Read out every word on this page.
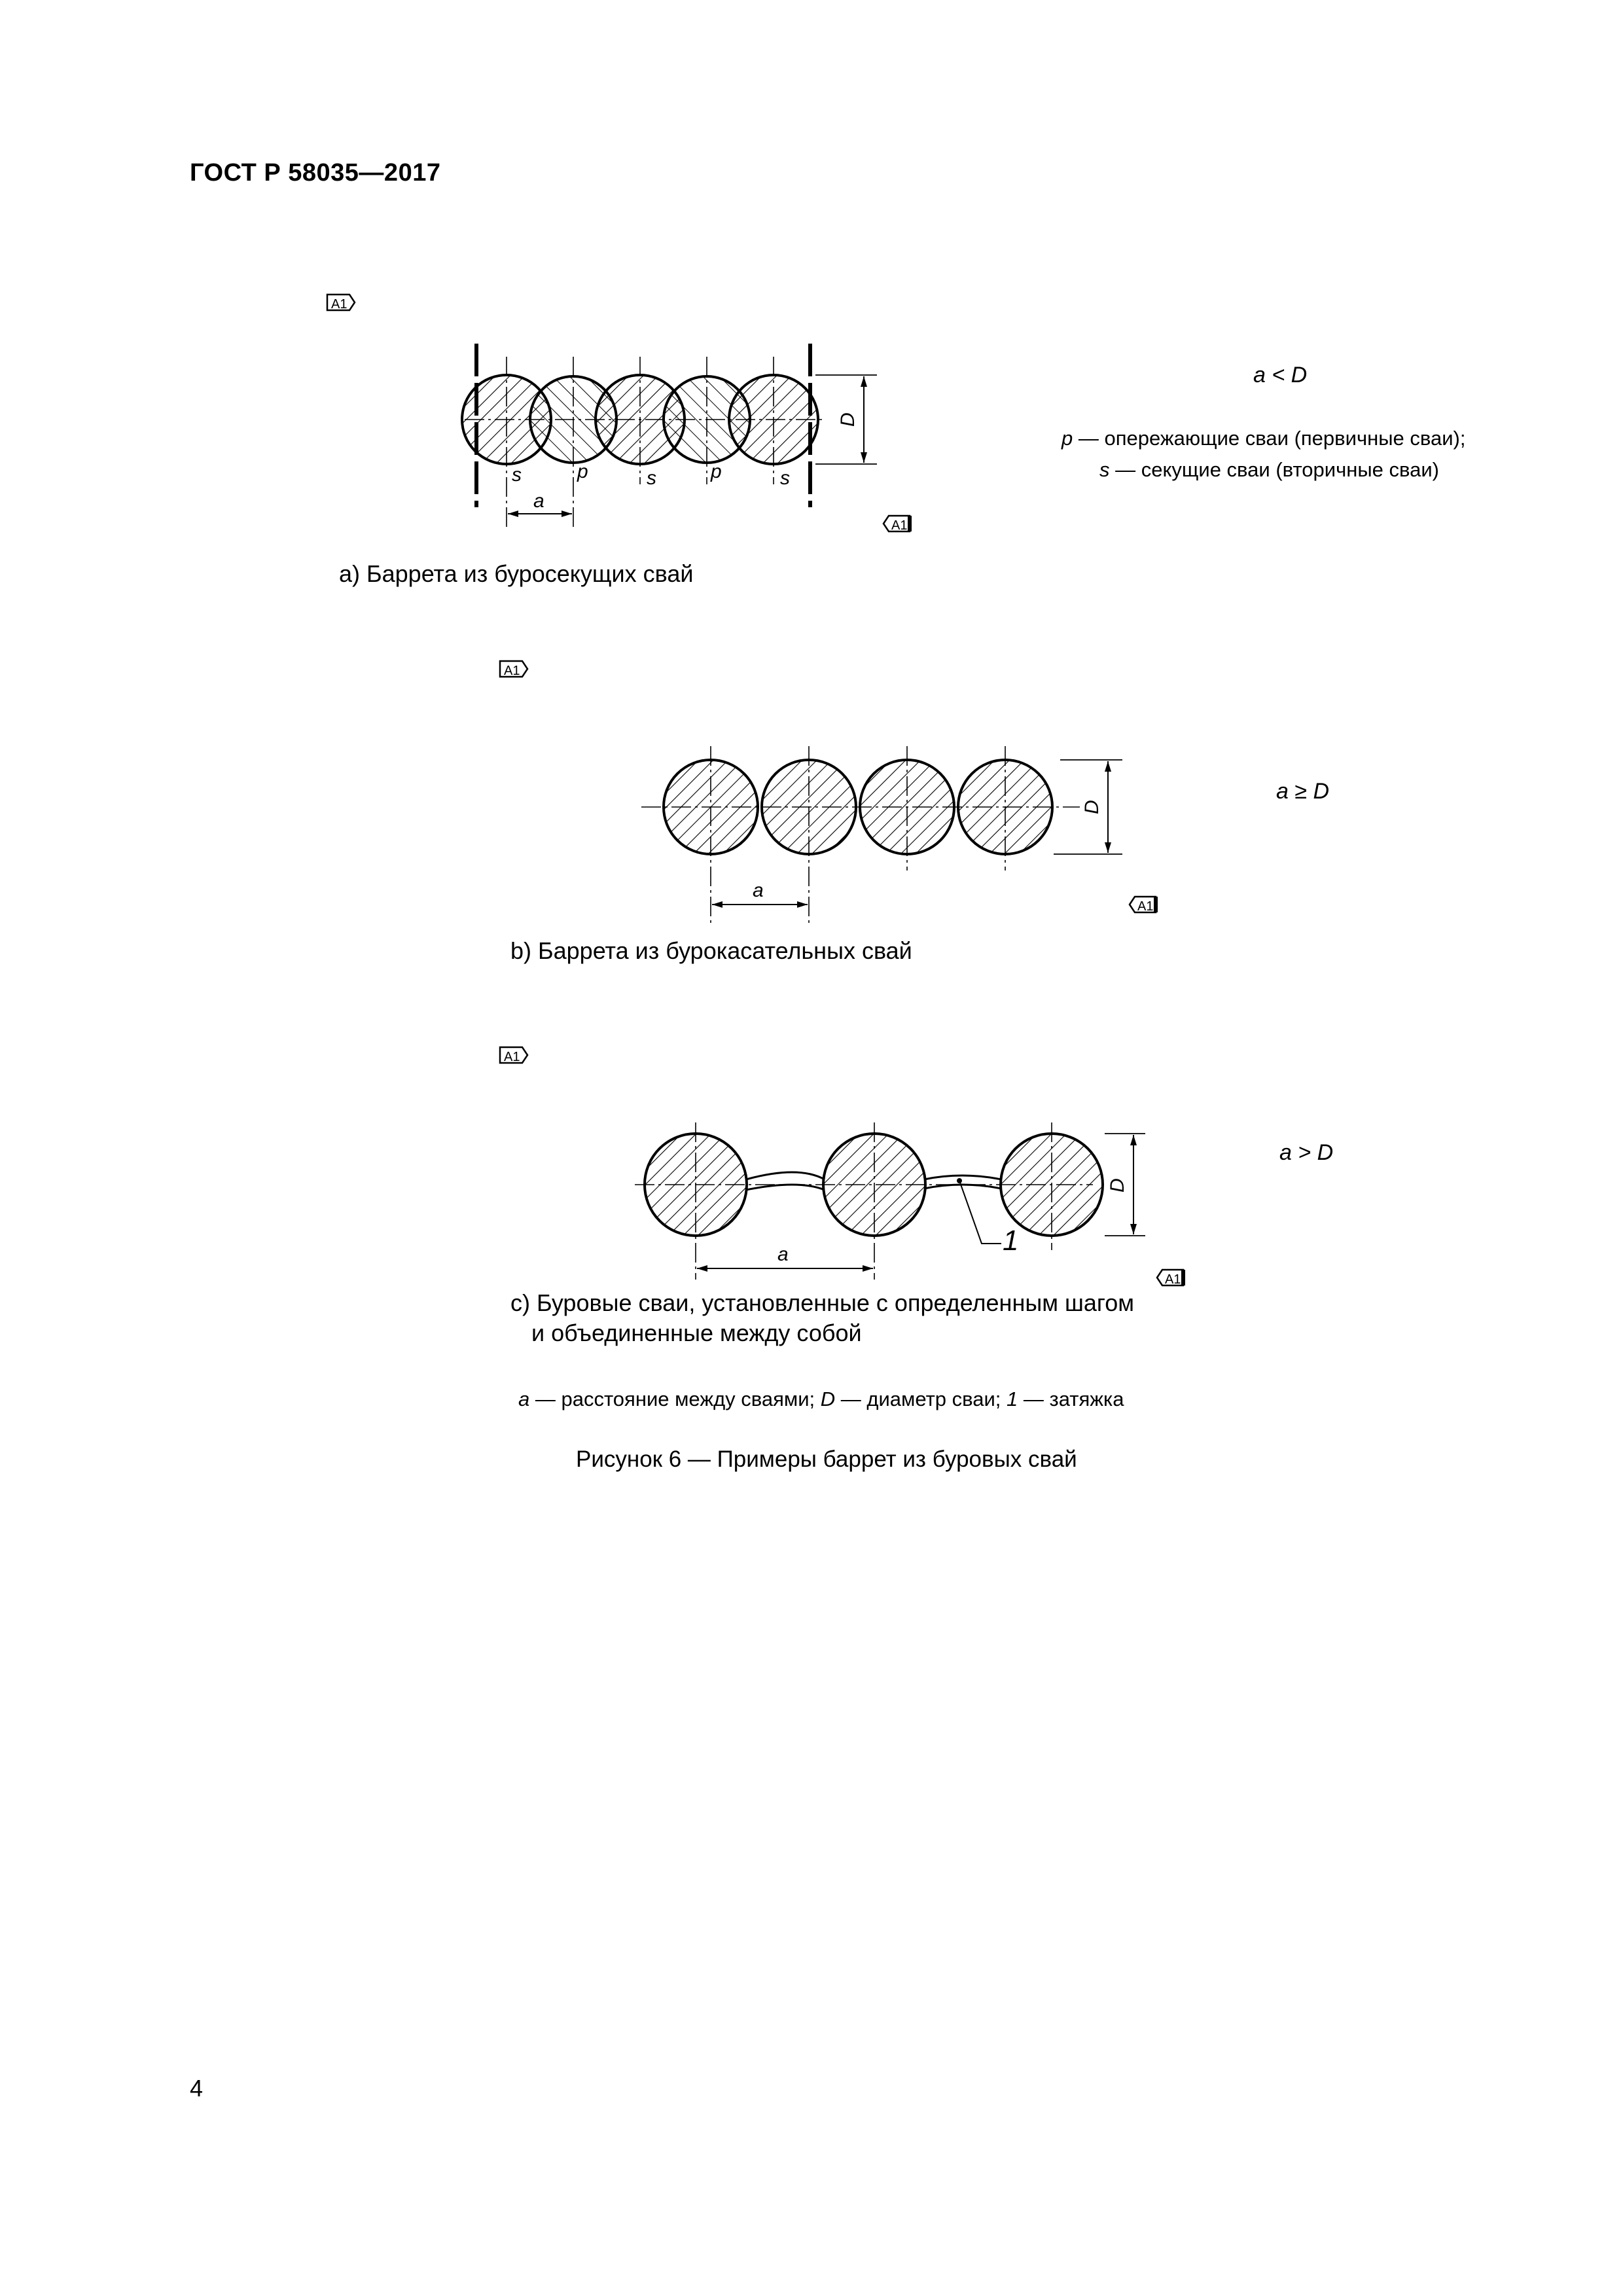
ГОСТ Р 58035—2017
A1
s	p	s	p	s
a
D
A1
a < D
p — опережающие сваи (первичные сваи);
s — секущие сваи (вторичные сваи)
a) Баррета из буросекущих свай
A1
a
D
A1
a ≥ D
b) Баррета из бурокасательных свай
A1
1
a
D
A1
a > D
c) Буровые сваи, установленные с определенным шагом
и объединенные между собой
a — расстояние между сваями; D — диаметр сваи; 1 — затяжка
Рисунок 6 — Примеры баррет из буровых свай
4
